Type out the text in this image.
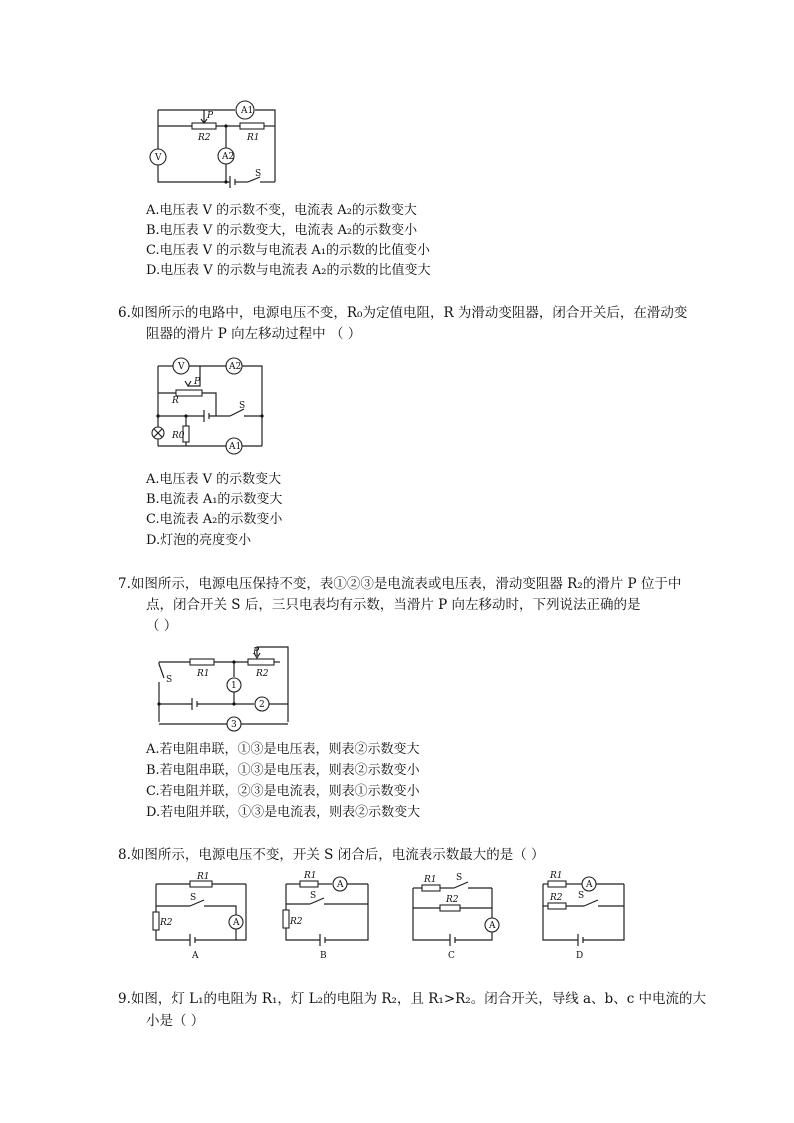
A1
V
P
R2	R1
A2
S
A.电压表 V 的示数不变，电流表 A₂的示数变大
B.电压表 V 的示数变大，电流表 A₂的示数变小
C.电压表 V 的示数与电流表 A₁的示数的比值变小
D.电压表 V 的示数与电流表 A₂的示数的比值变大
6.如图所示的电路中，电源电压不变，R₀为定值电阻，R 为滑动变阻器，闭合开关后，在滑动变
阻器的滑片 P 向左移动过程中 （ ）
V	A2
P
R	S
R0
A1
A.电压表 V 的示数变大
B.电流表 A₁的示数变大
C.电流表 A₂的示数变小
D.灯泡的亮度变小
7.如图所示，电源电压保持不变，表①②③是电流表或电压表，滑动变阻器 R₂的滑片 P 位于中
点，闭合开关 S 后，三只电表均有示数，当滑片 P 向左移动时，下列说法正确的是
（ ）
S
R1	R2
P
1
2
3
A.若电阻串联，①③是电压表，则表②示数变大
B.若电阻串联，①③是电压表，则表②示数变小
C.若电阻并联，②③是电流表，则表①示数变小
D.若电阻并联，①③是电流表，则表②示数变大
8.如图所示，电源电压不变，开关 S 闭合后，电流表示数最大的是（ ）
R1
S
R2	A
A
A
R1
S
R2
B
R1 S
R2
A
C
A
R1
R2 S
D
9.如图，灯 L₁的电阻为 R₁，灯 L₂的电阻为 R₂，且 R₁>R₂。闭合开关，导线 a、b、c 中电流的大
小是（ ）
